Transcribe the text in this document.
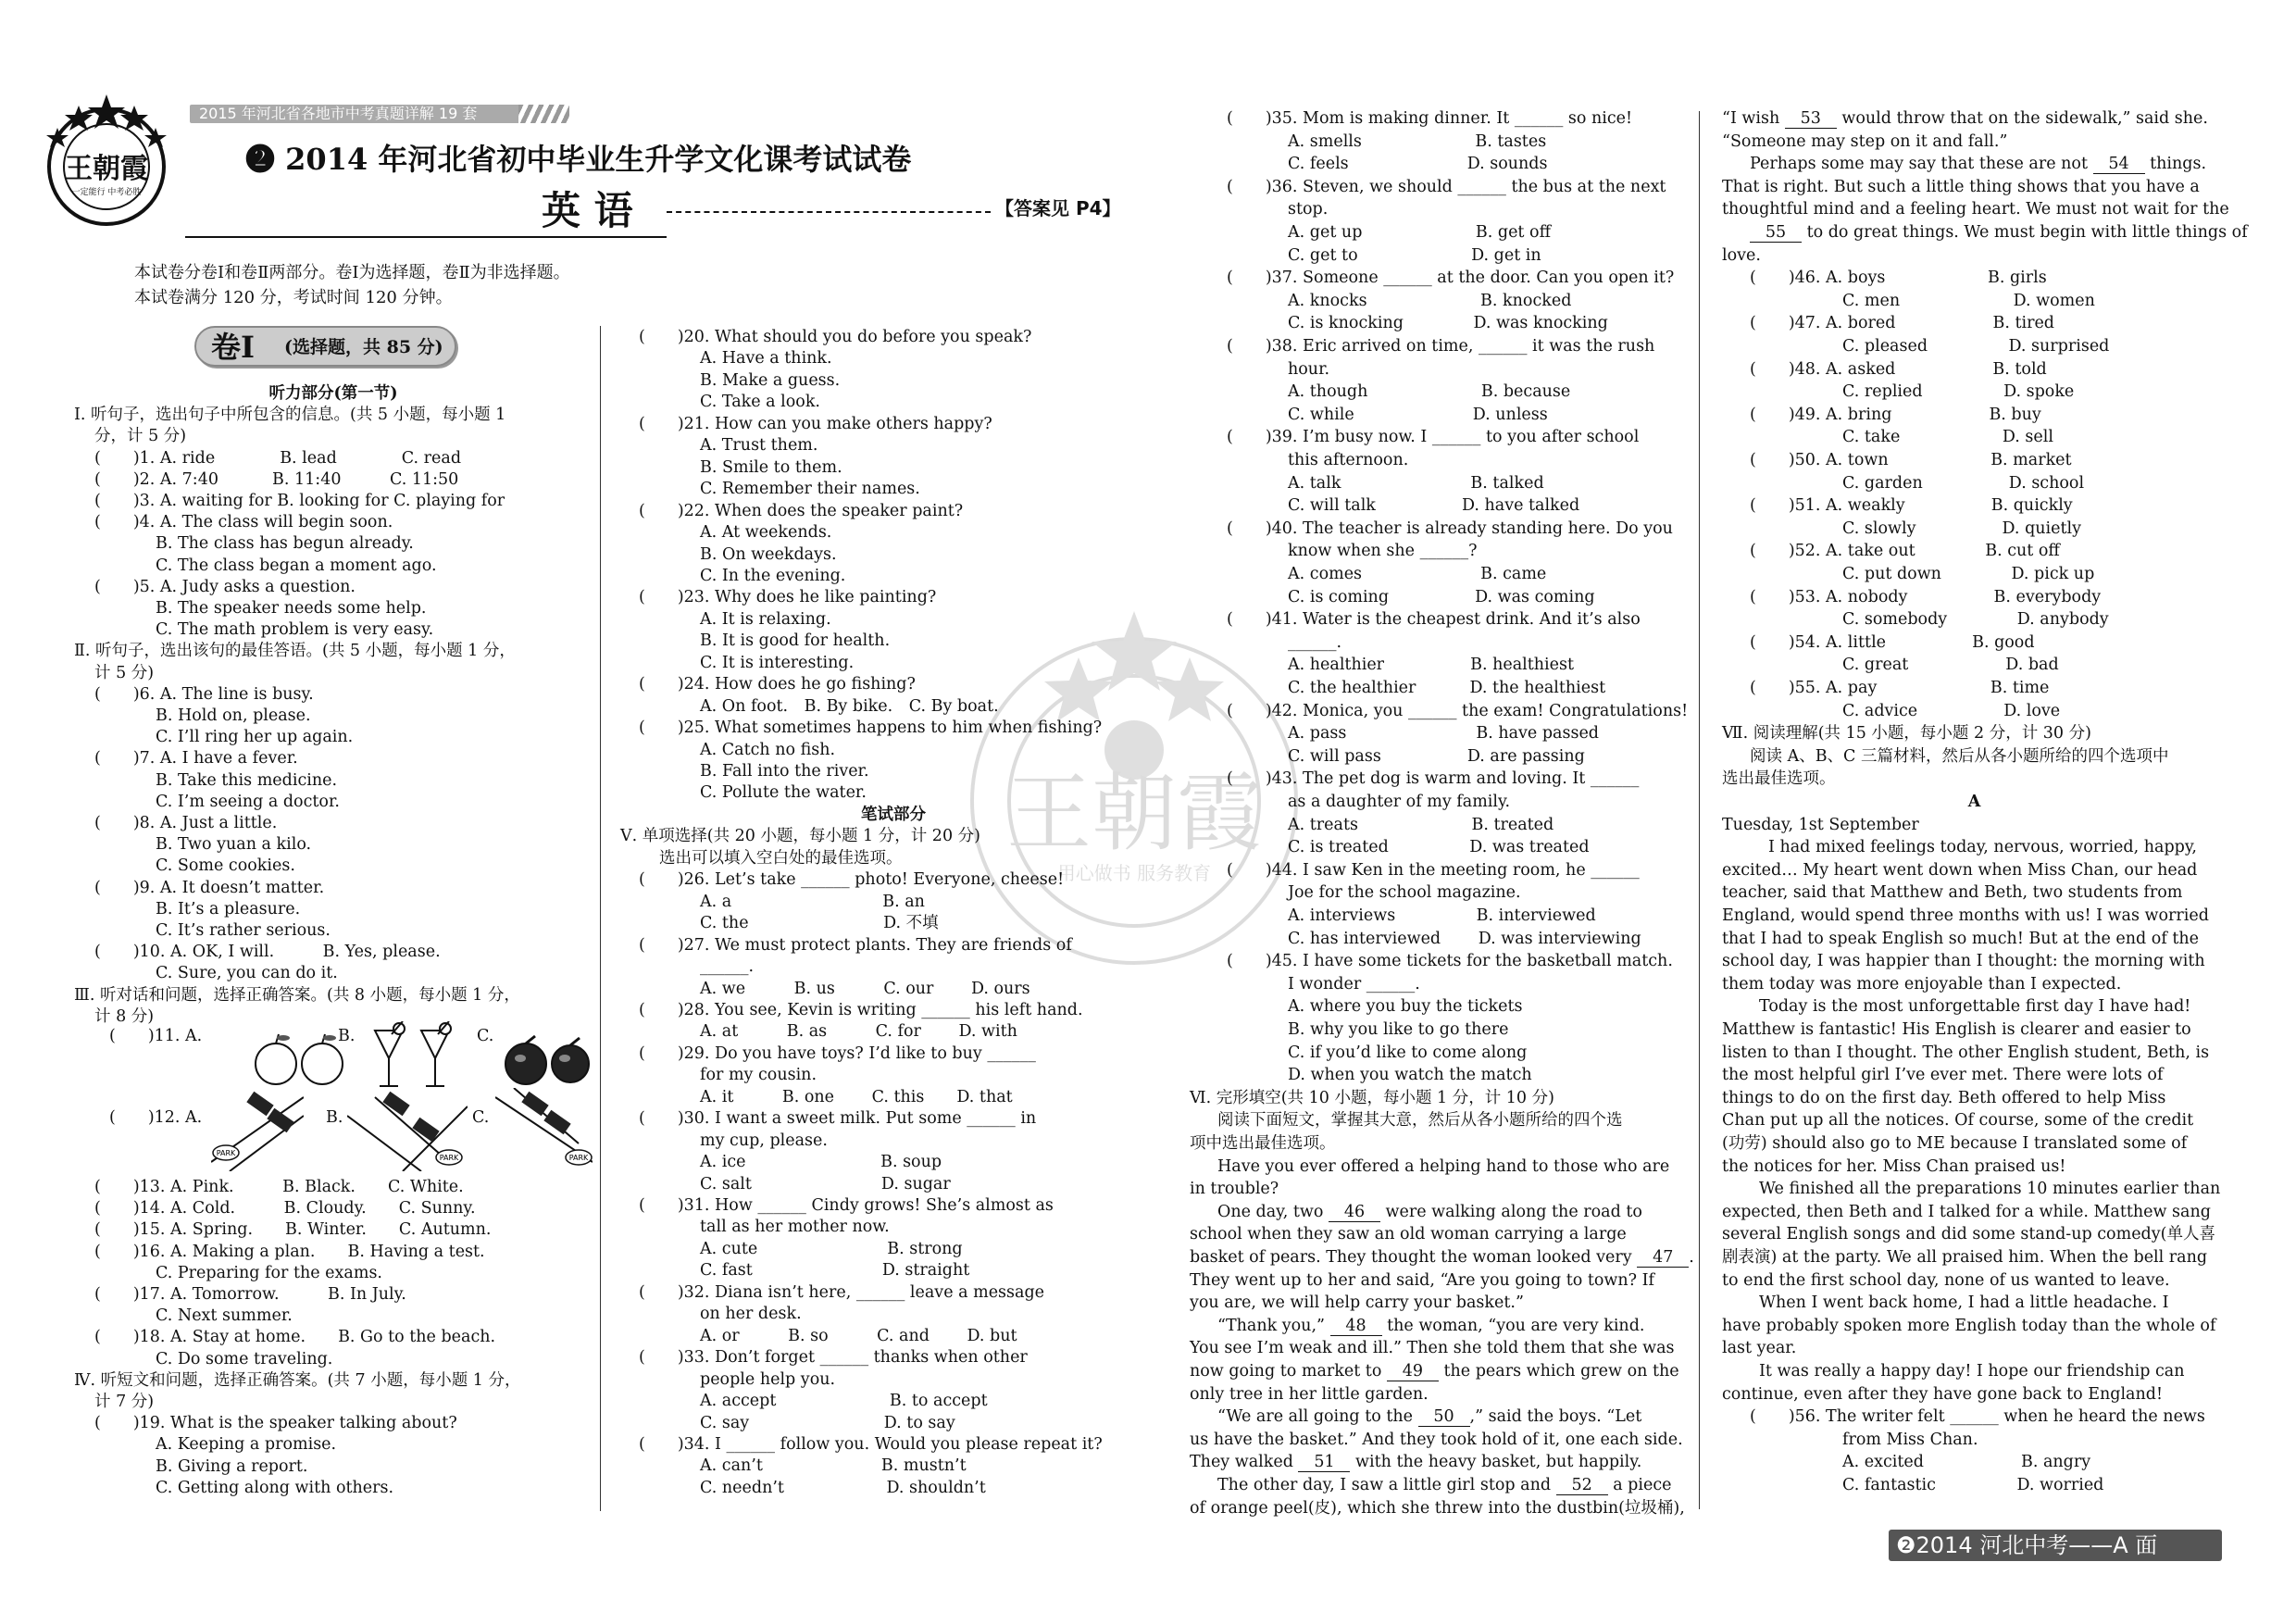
王朝霞
用心做书 服务教育
王朝霞
一定能行 中考必胜
2015 年河北省各地市中考真题详解 19 套
❷ 2014 年河北省初中毕业生升学文化课考试试卷
英 语	【答案见 P4】
本试卷分卷Ⅰ和卷Ⅱ两部分。卷Ⅰ为选择题，卷Ⅱ为非选择题。
本试卷满分 120 分，考试时间 120 分钟。
卷Ⅰ (选择题，共 85 分)
听力部分(第一节)
Ⅰ. 听句子，选出句子中所包含的信息。(共 5 小题，每小题 1
分，计 5 分)
(　　)1. A. ride　　　　B. lead　　　　C. read
(　　)2. A. 7:40　　　 B. 11:40　　　C. 11:50
(　　)3. A. waiting for B. looking for C. playing for
(　　)4. A. The class will begin soon.
B. The class has begun already.
C. The class began a moment ago.
(　　)5. A. Judy asks a question.
B. The speaker needs some help.
C. The math problem is very easy.
Ⅱ. 听句子，选出该句的最佳答语。(共 5 小题，每小题 1 分，
计 5 分)
(　　)6. A. The line is busy.
B. Hold on, please.
C. I’ll ring her up again.
(　　)7. A. I have a fever.
B. Take this medicine.
C. I’m seeing a doctor.
(　　)8. A. Just a little.
B. Two yuan a kilo.
C. Some cookies.
(　　)9. A. It doesn’t matter.
B. It’s a pleasure.
C. It’s rather serious.
(　　)10. A. OK, I will.　　　B. Yes, please.
C. Sure, you can do it.
Ⅲ. 听对话和问题，选择正确答案。(共 8 小题，每小题 1 分，
计 8 分)
(　　)11. A.	B.	C.
(　　)12. A.
PARK
B.
PARK
C.
PARK
(　　)13. A. Pink.　　　B. Black.　　C. White.
(　　)14. A. Cold.　　　B. Cloudy.　　C. Sunny.
(　　)15. A. Spring.　　B. Winter.　　C. Autumn.
(　　)16. A. Making a plan.　　B. Having a test.
C. Preparing for the exams.
(　　)17. A. Tomorrow.　　　B. In July.
C. Next summer.
(　　)18. A. Stay at home.　　B. Go to the beach.
C. Do some traveling.
Ⅳ. 听短文和问题，选择正确答案。(共 7 小题，每小题 1 分，
计 7 分)
(　　)19. What is the speaker talking about?
A. Keeping a promise.
B. Giving a report.
C. Getting along with others.
(　　)20. What should you do before you speak?
A. Have a think.
B. Make a guess.
C. Take a look.
(　　)21. How can you make others happy?
A. Trust them.
B. Smile to them.
C. Remember their names.
(　　)22. When does the speaker paint?
A. At weekends.
B. On weekdays.
C. In the evening.
(　　)23. Why does he like painting?
A. It is relaxing.
B. It is good for health.
C. It is interesting.
(　　)24. How does he go fishing?
A. On foot.　B. By bike.　C. By boat.
(　　)25. What sometimes happens to him when fishing?
A. Catch no fish.
B. Fall into the river.
C. Pollute the water.
笔试部分
Ⅴ. 单项选择(共 20 小题，每小题 1 分，计 20 分)
选出可以填入空白处的最佳选项。
(　　)26. Let’s take ______ photo! Everyone, cheese!
A. a　　　　　　　　　 B. an
C. the　　　　　　　　 D. 不填
(　　)27. We must protect plants. They are friends of
______.
A. we　　　B. us　　　C. our　　 D. ours
(　　)28. You see, Kevin is writing ______ his left hand.
A. at　　　B. as　　　C. for　　 D. with
(　　)29. Do you have toys? I’d like to buy ______
for my cousin.
A. it　　　B. one　　 C. this　　D. that
(　　)30. I want a sweet milk. Put some ______ in
my cup, please.
A. ice　　　　　　　　 B. soup
C. salt　　　　　　　　D. sugar
(　　)31. How ______ Cindy grows! She’s almost as
tall as her mother now.
A. cute　　　　　　　　B. strong
C. fast　　　　　　　　D. straight
(　　)32. Diana isn’t here, ______ leave a message
on her desk.
A. or　　　B. so　　　C. and　　 D. but
(　　)33. Don’t forget ______ thanks when other
people help you.
A. accept　　　　　　　B. to accept
C. say　　　　　　　　 D. to say
(　　)34. I ______ follow you. Would you please repeat it?
A. can’t　　　　　　　 B. mustn’t
C. needn’t　　　　　　 D. shouldn’t
(　　)35. Mom is making dinner. It ______ so nice!
A. smells　　　　　　　B. tastes
C. feels　　　　　　　 D. sounds
(　　)36. Steven, we should ______ the bus at the next
stop.
A. get up　　　　　　　B. get off
C. get to　　　　　　　D. get in
(　　)37. Someone ______ at the door. Can you open it?
A. knocks　　　　　　　B. knocked
C. is knocking　　　　 D. was knocking
(　　)38. Eric arrived on time, ______ it was the rush
hour.
A. though　　　　　　　B. because
C. while　　　　　　　 D. unless
(　　)39. I’m busy now. I ______ to you after school
this afternoon.
A. talk　　　　　　　　B. talked
C. will talk　　　　　 D. have talked
(　　)40. The teacher is already standing here. Do you
know when she ______?
A. comes　　　　　　　 B. came
C. is coming　　　　　 D. was coming
(　　)41. Water is the cheapest drink. And it’s also
______.
A. healthier　　　　　 B. healthiest
C. the healthier　　　 D. the healthiest
(　　)42. Monica, you ______ the exam! Congratulations!
A. pass　　　　　　　　B. have passed
C. will pass　　　　　 D. are passing
(　　)43. The pet dog is warm and loving. It ______
as a daughter of my family.
A. treats　　　　　　　B. treated
C. is treated　　　　　D. was treated
(　　)44. I saw Ken in the meeting room, he ______
Joe for the school magazine.
A. interviews　　　　　B. interviewed
C. has interviewed　　 D. was interviewing
(　　)45. I have some tickets for the basketball match.
I wonder ______.
A. where you buy the tickets
B. why you like to go there
C. if you’d like to come along
D. when you watch the match
Ⅵ. 完形填空(共 10 小题，每小题 1 分，计 10 分)
阅读下面短文，掌握其大意，然后从各小题所给的四个选
项中选出最佳选项。
Have you ever offered a helping hand to those who are
in trouble?
One day, two 46 were walking along the road to
school when they saw an old woman carrying a large
basket of pears. They thought the woman looked very 47 .
They went up to her and said, “Are you going to town? If
you are, we will help carry your basket.”
“Thank you,” 48 the woman, “you are very kind.
You see I’m weak and ill.” Then she told them that she was
now going to market to 49 the pears which grew on the
only tree in her little garden.
“We are all going to the 50 ,” said the boys. “Let
us have the basket.” And they took hold of it, one each side.
They walked 51 with the heavy basket, but happily.
The other day, I saw a little girl stop and 52 a piece
of orange peel(皮), which she threw into the dustbin(垃圾桶),
“I wish 53 would throw that on the sidewalk,” said she.
“Someone may step on it and fall.”
Perhaps some may say that these are not 54 things.
That is right. But such a little thing shows that you have a
thoughtful mind and a feeling heart. We must not wait for the
55 to do great things. We must begin with little things of
love.
(　　)46. A. boys　　　　　　 B. girls
C. men　　　　　　　D. women
(　　)47. A. bored　　　　　　B. tired
C. pleased　　　　　D. surprised
(　　)48. A. asked　　　　　　B. told
C. replied　　　　　D. spoke
(　　)49. A. bring　　　　　　B. buy
C. take　　　　　　 D. sell
(　　)50. A. town　　　　　　 B. market
C. garden　　　　　 D. school
(　　)51. A. weakly　　　　　 B. quickly
C. slowly　　　　　 D. quietly
(　　)52. A. take out　　　　 B. cut off
C. put down　　　　 D. pick up
(　　)53. A. nobody　　　　　 B. everybody
C. somebody　　　　 D. anybody
(　　)54. A. little　　　　　 B. good
C. great　　　　　　D. bad
(　　)55. A. pay　　　　　　　B. time
C. advice　　　　　 D. love
Ⅶ. 阅读理解(共 15 小题，每小题 2 分，计 30 分)
阅读 A、B、C 三篇材料，然后从各小题所给的四个选项中
选出最佳选项。
A
Tuesday, 1st September
I had mixed feelings today, nervous, worried, happy,
excited… My heart went down when Miss Chan, our head
teacher, said that Matthew and Beth, two students from
England, would spend three months with us! I was worried
that I had to speak English so much! But at the end of the
school day, I was happier than I thought: the morning with
them today was more enjoyable than I expected.
Today is the most unforgettable first day I have had!
Matthew is fantastic! His English is clearer and easier to
listen to than I thought. The other English student, Beth, is
the most helpful girl I’ve ever met. There were lots of
things to do on the first day. Beth offered to help Miss
Chan put up all the notices. Of course, some of the credit
(功劳) should also go to ME because I translated some of
the notices for her. Miss Chan praised us!
We finished all the preparations 10 minutes earlier than
expected, then Beth and I talked for a while. Matthew sang
several English songs and did some stand-up comedy(单人喜
剧表演) at the party. We all praised him. When the bell rang
to end the first school day, none of us wanted to leave.
When I went back home, I had a little headache. I
have probably spoken more English today than the whole of
last year.
It was really a happy day! I hope our friendship can
continue, even after they have gone back to England!
(　　)56. The writer felt ______ when he heard the news
from Miss Chan.
A. excited　　　　　　B. angry
C. fantastic　　　　　D. worried
❷2014 河北中考——A 面
